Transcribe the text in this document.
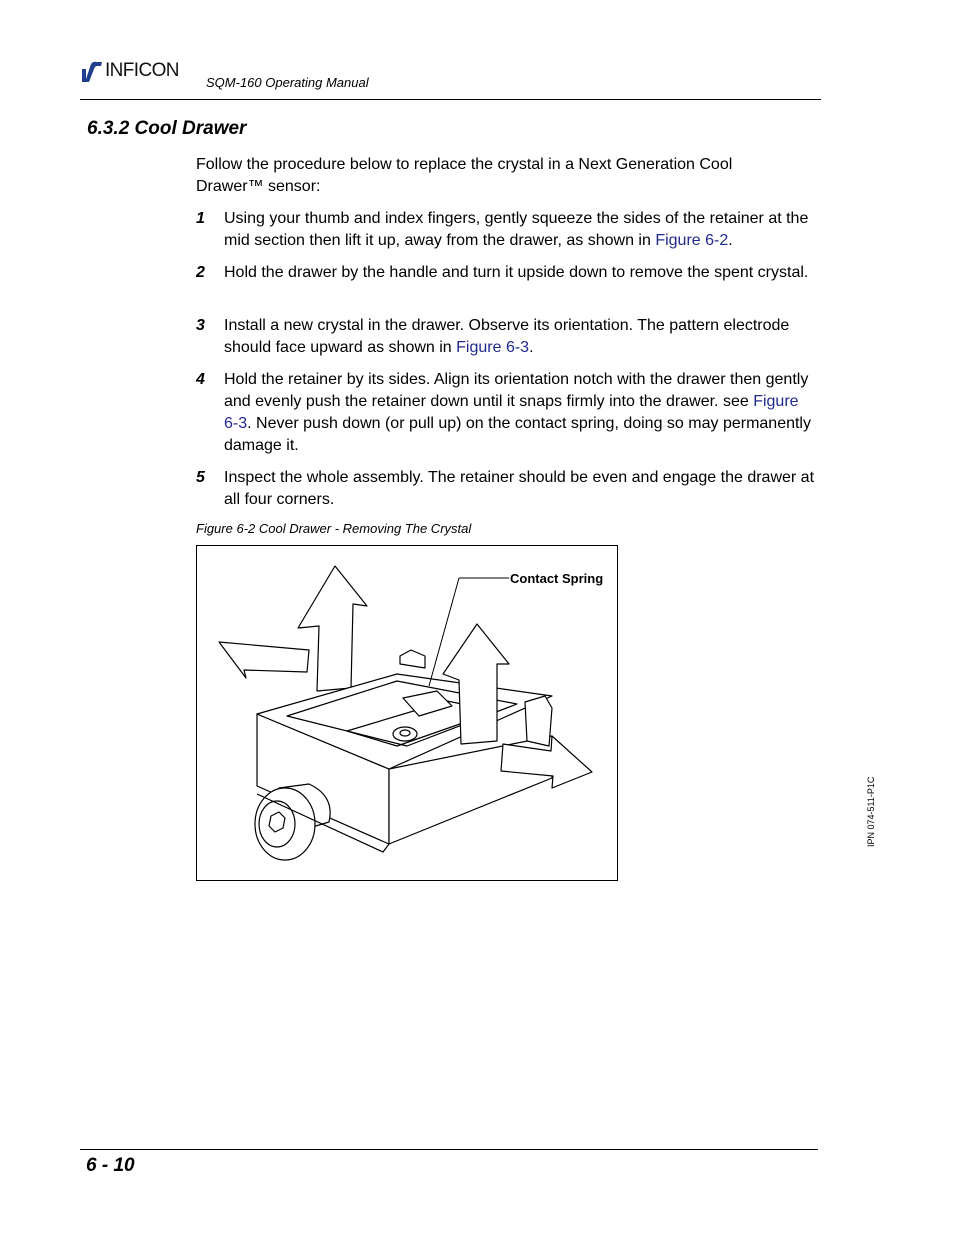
INFICON
SQM-160 Operating Manual
6.3.2 Cool Drawer

Follow the procedure below to replace the crystal in a Next Generation Cool Drawer™ sensor:

1 Using your thumb and index fingers, gently squeeze the sides of the retainer at the mid section then lift it up, away from the drawer, as shown in Figure 6-2.
2 Hold the drawer by the handle and turn it upside down to remove the spent crystal.
3 Install a new crystal in the drawer. Observe its orientation. The pattern electrode should face upward as shown in Figure 6-3.
4 Hold the retainer by its sides. Align its orientation notch with the drawer then gently and evenly push the retainer down until it snaps firmly into the drawer. see Figure 6-3. Never push down (or pull up) on the contact spring, doing so may permanently damage it.
5 Inspect the whole assembly. The retainer should be even and engage the drawer at all four corners.
Figure 6-2 Cool Drawer - Removing The Crystal
Contact Spring
IPN 074-511-P1C
6 - 10
